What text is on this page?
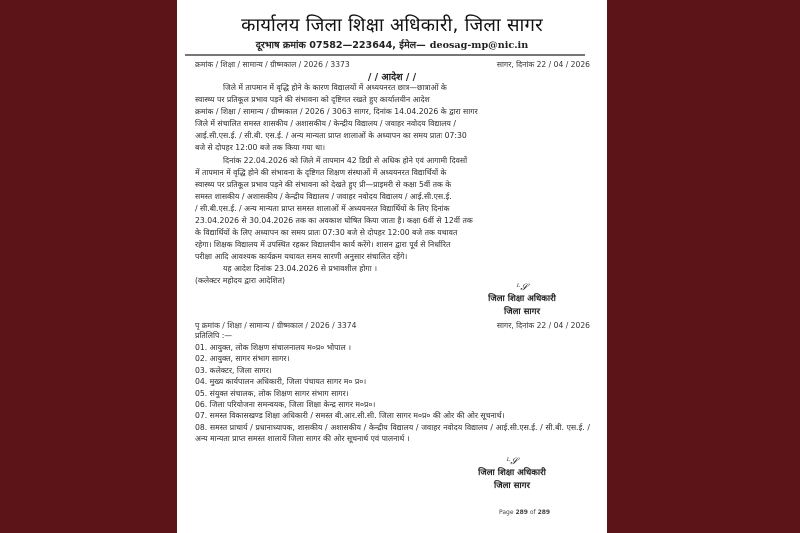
कार्यालय जिला शिक्षा अधिकारी, जिला सागर
दूरभाष क्रमांक 07582—223644, ईमेल— deosag-mp@nic.in
क्रमांक / शिक्षा / सामान्य / ग्रीष्मकाल / 2026 / 3373	सागर, दिनांक 22 / 04 / 2026
/ / आदेश / /
जिले में तापमान में वृद्धि होने के कारण विद्यालयों में अध्ययनरत छात्र—छात्राओं के
स्वास्थ्य पर प्रतिकूल प्रभाव पड़ने की संभावना को दृष्टिगत रखते हुए कार्यालयीन आदेश
क्रमांक / शिक्षा / सामान्य / ग्रीष्मकाल / 2026 / 3063 सागर, दिनांक 14.04.2026 के द्वारा सागर
जिले में संचालित समस्त शासकीय / अशासकीय / केन्द्रीय विद्यालय / जवाहर नवोदय विद्यालय /
आई.सी.एस.ई. / सी.बी. एस.ई. / अन्य मान्यता प्राप्त शालाओं के अध्यापन का समय प्रातः 07:30
बजे से दोपहर 12:00 बजे तक किया गया था।
दिनांक 22.04.2026 को जिले में तापमान 42 डिग्री से अधिक होने एवं आगामी दिवसों
में तापमान में वृद्धि होने की संभावना के दृष्टिगत शिक्षण संस्थाओं में अध्ययनरत विद्यार्थियों के
स्वास्थ्य पर प्रतिकूल प्रभाव पड़ने की संभावना को देखते हुए प्री—प्राइमरी से कक्षा 5वीं तक के
समस्त शासकीय / अशासकीय / केन्द्रीय विद्यालय / जवाहर नवोदय विद्यालय / आई.सी.एस.ई.
/ सी.बी.एस.ई. / अन्य मान्यता प्राप्त समस्त शालाओं में अध्ययनरत विद्यार्थियों के लिए दिनांक
23.04.2026 से 30.04.2026 तक का अवकाश घोषित किया जाता है। कक्षा 6वीं से 12वीं तक
के विद्यार्थियों के लिए अध्यापन का समय प्रातः 07:30 बजे से दोपहर 12:00 बजे तक यथावत
रहेगा। शिक्षक विद्यालय में उपस्थित रहकर विद्यालयीन कार्य करेंगे। शासन द्वारा पूर्व से निर्धारित
परीक्षा आदि आवश्यक कार्यक्रम यथावत समय सारणी अनुसार संचालित रहेंगे।
यह आदेश दिनांक 23.04.2026 से प्रभावशील होगा ।
(कलेक्टर महोदय द्वारा आदेशित)
ᴸ𝓢
जिला शिक्षा अधिकारी
जिला सागर
पृ क्रमांक / शिक्षा / सामान्य / ग्रीष्मकाल / 2026 / 3374	सागर, दिनांक 22 / 04 / 2026
प्रतिलिपि :—
01. आयुक्त, लोक शिक्षण संचालनालय म०प्र० भोपाल ।
02. आयुक्त, सागर संभाग सागर।
03. कलेक्टर, जिला सागर।
04. मुख्य कार्यपालन अधिकारी, जिला पंचायत सागर म० प्र०।
05. संयुक्त संचालक, लोक शिक्षण सागर संभाग सागर।
06. जिला परियोजना समन्वयक, जिला शिक्षा केन्द्र सागर म०प्र०।
07. समस्त विकासखण्ड शिक्षा अधिकारी / समस्त बी.आर.सी.सी. जिला सागर म०प्र० की ओर की ओर सूचनार्थ।
08. समस्त प्राचार्य / प्रधानाध्यापक, शासकीय / अशासकीय / केन्द्रीय विद्यालय / जवाहर नवोदय विद्यालय / आई.सी.एस.ई. / सी.बी. एस.ई. / अन्य मान्यता प्राप्त समस्त शालायें जिला सागर की ओर सूचनार्थ एवं पालनार्थ ।
ᴸ𝓢
जिला शिक्षा अधिकारी
जिला सागर
Page 289 of 289
